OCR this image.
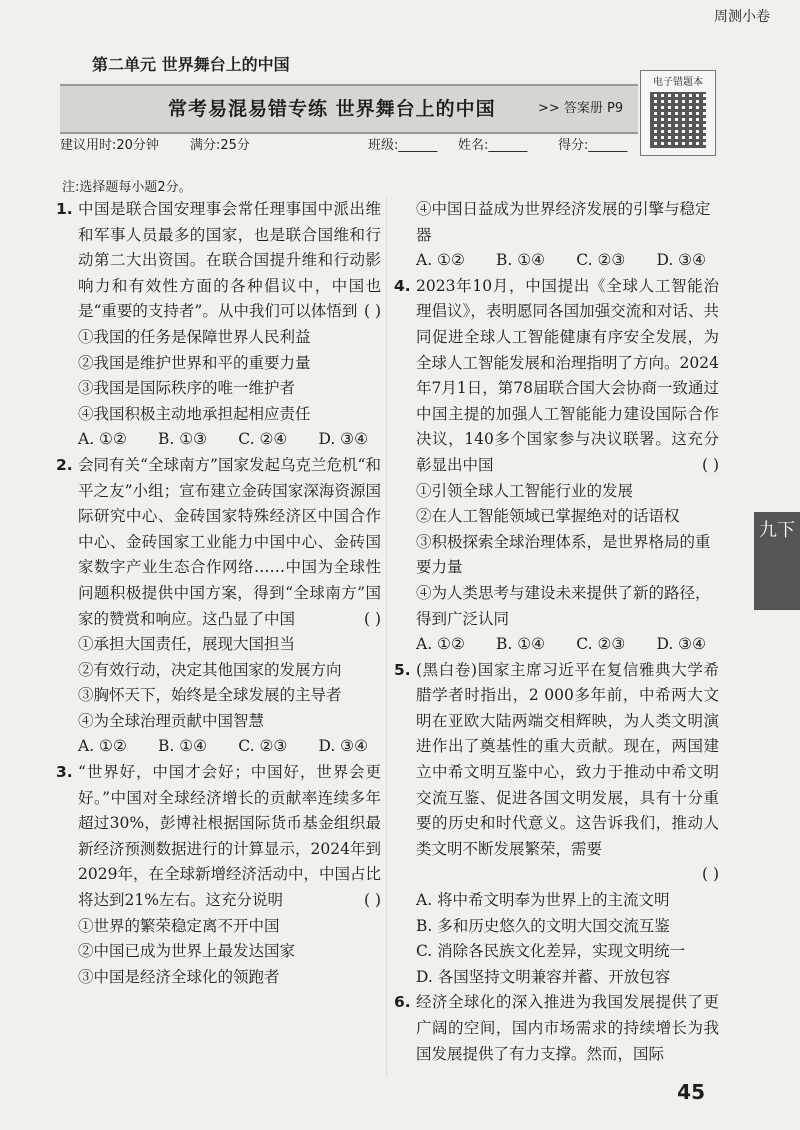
周测小卷
第二单元 世界舞台上的中国
常考易混易错专练 世界舞台上的中国	>> 答案册 P9
电子错题本
建议用时:20分钟 满分:25分	班级:______ 姓名:______ 得分:______
注:选择题每小题2分。
1. 中国是联合国安理事会常任理事国中派出维和军事人员最多的国家，也是联合国维和行动第二大出资国。在联合国提升维和行动影响力和有效性方面的各种倡议中，中国也是“重要的支持者”。从中我们可以体悟到 ( )
①我国的任务是保障世界人民利益
②我国是维护世界和平的重要力量
③我国是国际秩序的唯一维护者
④我国积极主动地承担起相应责任
A. ①② B. ①③ C. ②④ D. ③④
2. 会同有关“全球南方”国家发起乌克兰危机“和平之友”小组；宣布建立金砖国家深海资源国际研究中心、金砖国家特殊经济区中国合作中心、金砖国家工业能力中国中心、金砖国家数字产业生态合作网络……中国为全球性问题积极提供中国方案，得到“全球南方”国家的赞赏和响应。这凸显了中国	( )
①承担大国责任，展现大国担当
②有效行动，决定其他国家的发展方向
③胸怀天下，始终是全球发展的主导者
④为全球治理贡献中国智慧
A. ①② B. ①④ C. ②③ D. ③④
3. “世界好，中国才会好；中国好，世界会更好。”中国对全球经济增长的贡献率连续多年超过30%，彭博社根据国际货币基金组织最新经济预测数据进行的计算显示，2024年到2029年，在全球新增经济活动中，中国占比将达到21%左右。这充分说明	( )
①世界的繁荣稳定离不开中国
②中国已成为世界上最发达国家
③中国是经济全球化的领跑者
④中国日益成为世界经济发展的引擎与稳定器
A. ①② B. ①④ C. ②③ D. ③④
4. 2023年10月，中国提出《全球人工智能治理倡议》，表明愿同各国加强交流和对话、共同促进全球人工智能健康有序安全发展，为全球人工智能发展和治理指明了方向。2024年7月1日，第78届联合国大会协商一致通过中国主提的加强人工智能能力建设国际合作决议，140多个国家参与决议联署。这充分彰显出中国	( )
①引领全球人工智能行业的发展
②在人工智能领域已掌握绝对的话语权
③积极探索全球治理体系，是世界格局的重要力量
④为人类思考与建设未来提供了新的路径，得到广泛认同
A. ①② B. ①④ C. ②③ D. ③④
5. (黑白卷)国家主席习近平在复信雅典大学希腊学者时指出，2 000多年前，中希两大文明在亚欧大陆两端交相辉映，为人类文明演进作出了奠基性的重大贡献。现在，两国建立中希文明互鉴中心，致力于推动中希文明交流互鉴、促进各国文明发展，具有十分重要的历史和时代意义。这告诉我们，推动人类文明不断发展繁荣，需要
( )
A. 将中希文明奉为世界上的主流文明
B. 多和历史悠久的文明大国交流互鉴
C. 消除各民族文化差异，实现文明统一
D. 各国坚持文明兼容并蓄、开放包容
6. 经济全球化的深入推进为我国发展提供了更广阔的空间，国内市场需求的持续增长为我国发展提供了有力支撑。然而，国际
九下
45
